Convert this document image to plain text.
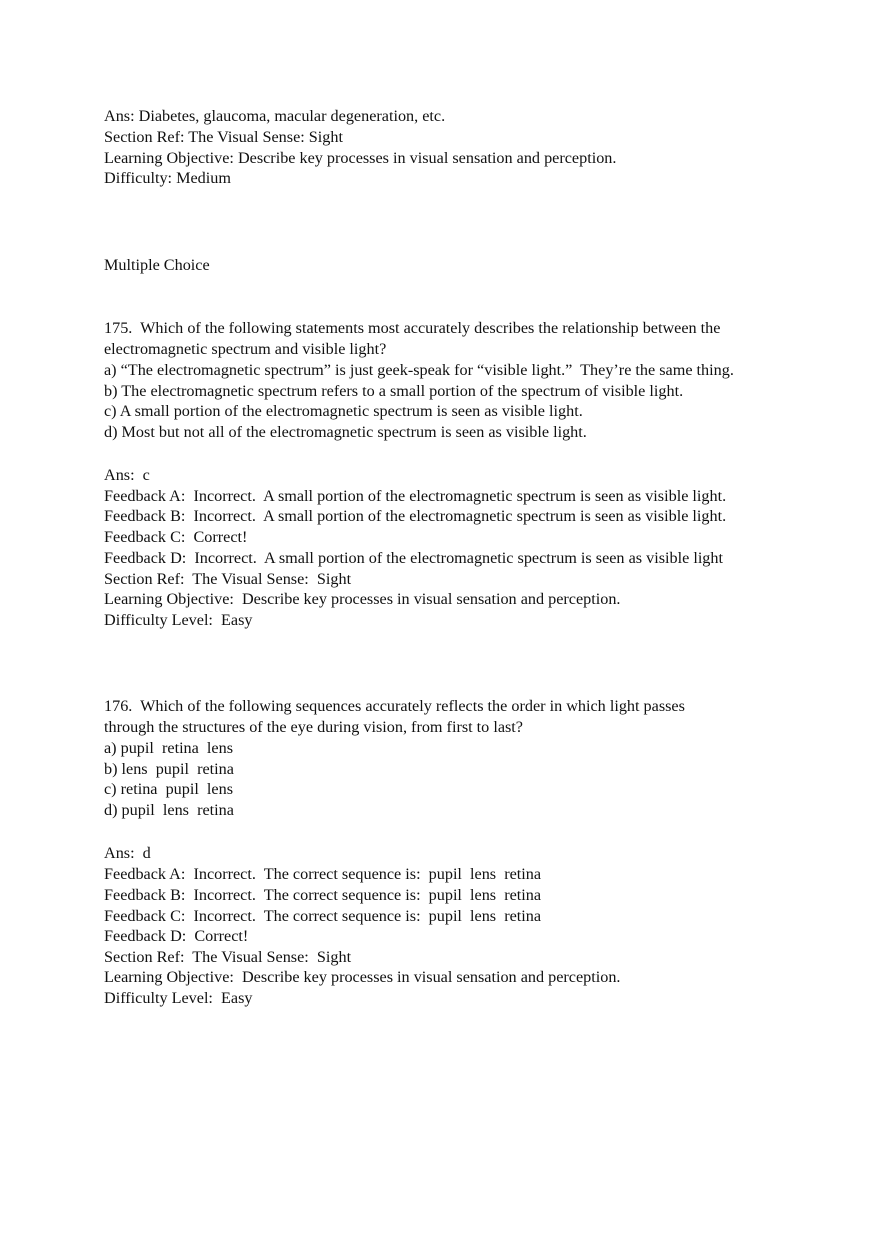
Ans: Diabetes, glaucoma, macular degeneration, etc.

Section Ref: The Visual Sense: Sight

Learning Objective: Describe key processes in visual sensation and perception.

Difficulty: Medium

Multiple Choice

175.  Which of the following statements most accurately describes the relationship between the

electromagnetic spectrum and visible light?

a) “The electromagnetic spectrum” is just geek-speak for “visible light.”  They’re the same thing.

b) The electromagnetic spectrum refers to a small portion of the spectrum of visible light.

c) A small portion of the electromagnetic spectrum is seen as visible light.

d) Most but not all of the electromagnetic spectrum is seen as visible light.

Ans:  c

Feedback A:  Incorrect.  A small portion of the electromagnetic spectrum is seen as visible light.

Feedback B:  Incorrect.  A small portion of the electromagnetic spectrum is seen as visible light.

Feedback C:  Correct!

Feedback D:  Incorrect.  A small portion of the electromagnetic spectrum is seen as visible light

Section Ref:  The Visual Sense:  Sight

Learning Objective:  Describe key processes in visual sensation and perception.

Difficulty Level:  Easy

176.  Which of the following sequences accurately reflects the order in which light passes

through the structures of the eye during vision, from first to last?

a) pupil  retina  lens

b) lens  pupil  retina

c) retina  pupil  lens

d) pupil  lens  retina

Ans:  d

Feedback A:  Incorrect.  The correct sequence is:  pupil  lens  retina

Feedback B:  Incorrect.  The correct sequence is:  pupil  lens  retina

Feedback C:  Incorrect.  The correct sequence is:  pupil  lens  retina

Feedback D:  Correct!

Section Ref:  The Visual Sense:  Sight

Learning Objective:  Describe key processes in visual sensation and perception.

Difficulty Level:  Easy
